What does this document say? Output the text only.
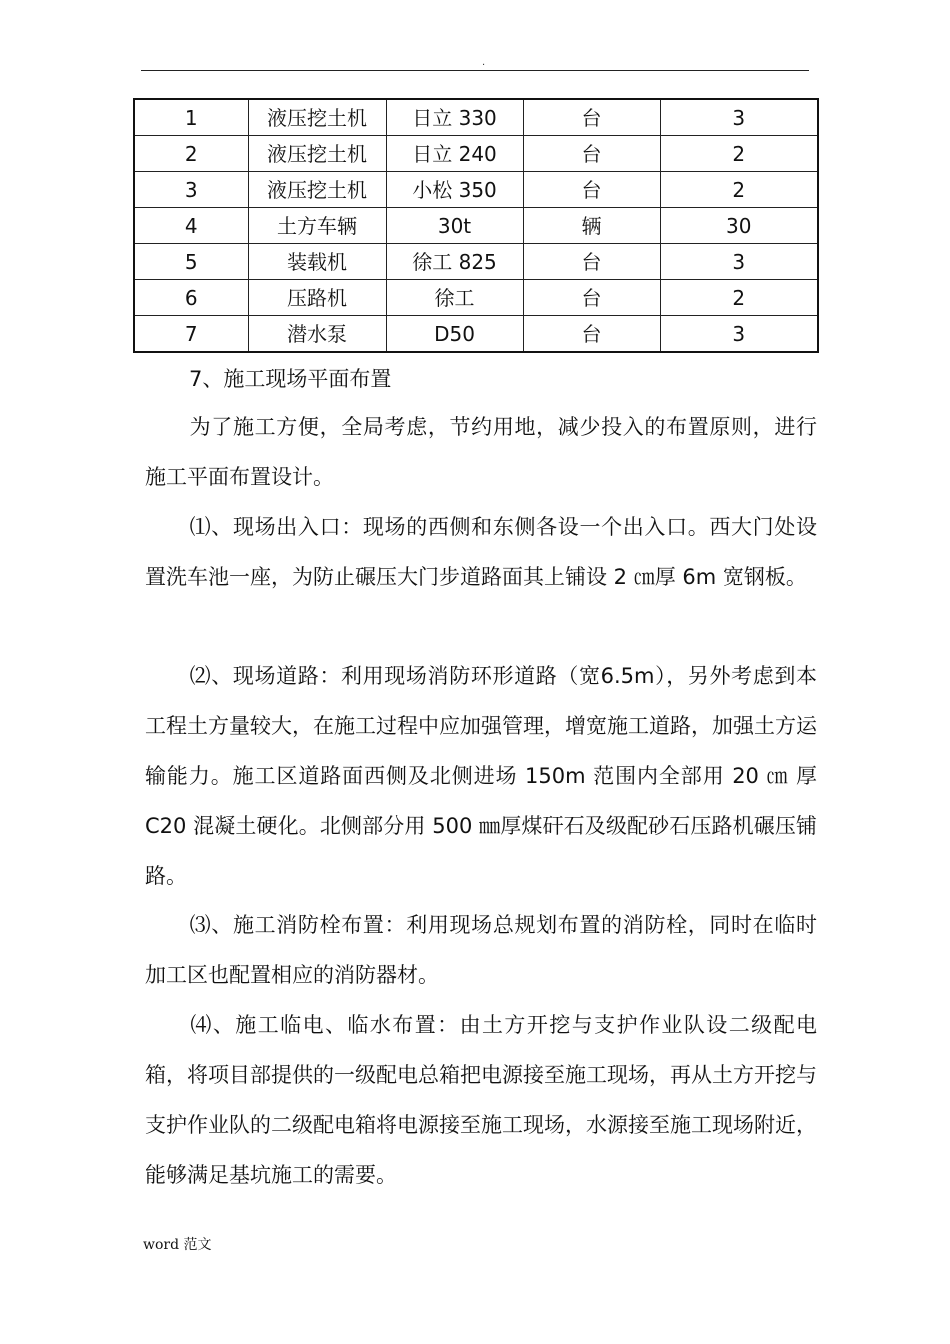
.
1	液压挖土机	日立 330	台	3
2	液压挖土机	日立 240	台	2
3	液压挖土机	小松 350	台	2
4	土方车辆	30t	辆	30
5	装载机	徐工 825	台	3
6	压路机	徐工	台	2
7	潜水泵	D50	台	3

7、施工现场平面布置

为了施工方便，全局考虑，节约用地，减少投入的布置原则，进行施工平面布置设计。

⑴、现场出入口：现场的西侧和东侧各设一个出入口。西大门处设置洗车池一座，为防止碾压大门步道路面其上铺设 2 ㎝厚 6m 宽钢板。

⑵、现场道路：利用现场消防环形道路（宽6.5m），另外考虑到本工程土方量较大，在施工过程中应加强管理，增宽施工道路，加强土方运输能力。施工区道路面西侧及北侧进场 150m 范围内全部用 20 ㎝ 厚 C20 混凝土硬化。北侧部分用 500 ㎜厚煤矸石及级配砂石压路机碾压铺路。

⑶、施工消防栓布置：利用现场总规划布置的消防栓，同时在临时加工区也配置相应的消防器材。

⑷、施工临电、临水布置：由土方开挖与支护作业队设二级配电箱，将项目部提供的一级配电总箱把电源接至施工现场，再从土方开挖与支护作业队的二级配电箱将电源接至施工现场，水源接至施工现场附近，能够满足基坑施工的需要。

word 范文
